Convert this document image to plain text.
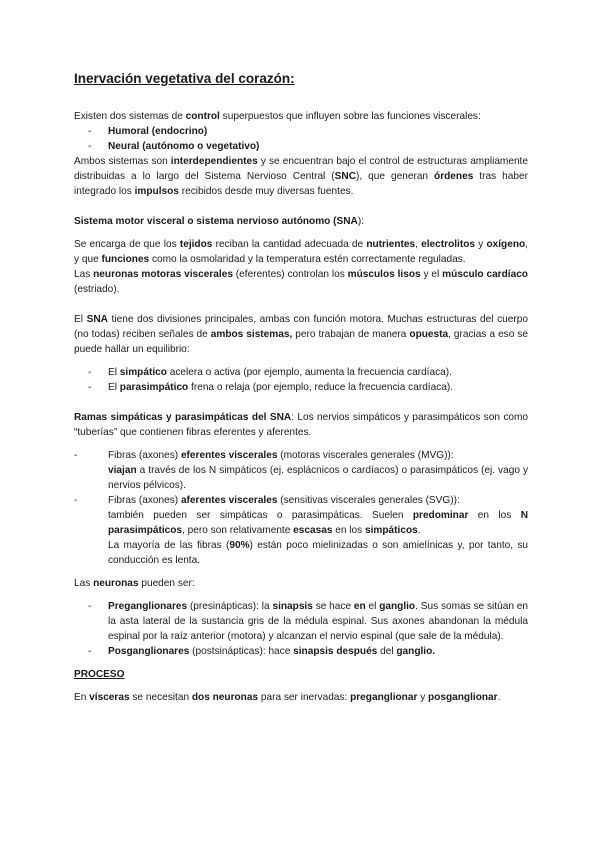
Inervación vegetativa del corazón:

Existen dos sistemas de control superpuestos que influyen sobre las funciones viscerales:

- Humoral (endocrino)
- Neural (autónomo o vegetativo)

Ambos sistemas son interdependientes y se encuentran bajo el control de estructuras ampliamente distribuidas a lo largo del Sistema Nervioso Central (SNC), que generan órdenes tras haber integrado los impulsos recibidos desde muy diversas fuentes.

Sistema motor visceral o sistema nervioso autónomo (SNA):

Se encarga de que los tejidos reciban la cantidad adecuada de nutrientes, electrolitos y oxígeno, y que funciones como la osmolaridad y la temperatura estén correctamente reguladas.

Las neuronas motoras viscerales (eferentes) controlan los músculos lisos y el músculo cardíaco (estriado).

El SNA tiene dos divisiones principales, ambas con función motora. Muchas estructuras del cuerpo (no todas) reciben señales de ambos sistemas, pero trabajan de manera opuesta, gracias a eso se puede hallar un equilibrio:

- El simpático acelera o activa (por ejemplo, aumenta la frecuencia cardíaca).
- El parasimpático frena o relaja (por ejemplo, reduce la frecuencia cardíaca).

Ramas simpáticas y parasimpáticas del SNA: Los nervios simpáticos y parasimpáticos son como “tuberías” que contienen fibras eferentes y aferentes.

- Fibras (axones) eferentes viscerales (motoras viscerales generales (MVG)):
viajan a través de los N simpáticos (ej. esplácnicos o cardíacos) o parasimpáticos (ej. vago y nervios pélvicos).
- Fibras (axones) aferentes viscerales (sensitivas viscerales generales (SVG)):
también pueden ser simpáticas o parasimpáticas. Suelen predominar en los N parasimpáticos, pero son relativamente escasas en los simpáticos.
La mayoría de las fibras (90%) están poco mielinizadas o son amielínicas y, por tanto, su conducción es lenta.

Las neuronas pueden ser:

- Preganglionares (presinápticas): la sinapsis se hace en el ganglio. Sus somas se sitúan en la asta lateral de la sustancia gris de la médula espinal. Sus axones abandonan la médula espinal por la raíz anterior (motora) y alcanzan el nervio espinal (que sale de la médula).
- Posganglionares (postsinápticas): hace sinapsis después del ganglio.

PROCESO

En vísceras se necesitan dos neuronas para ser inervadas: preganglionar y posganglionar.
